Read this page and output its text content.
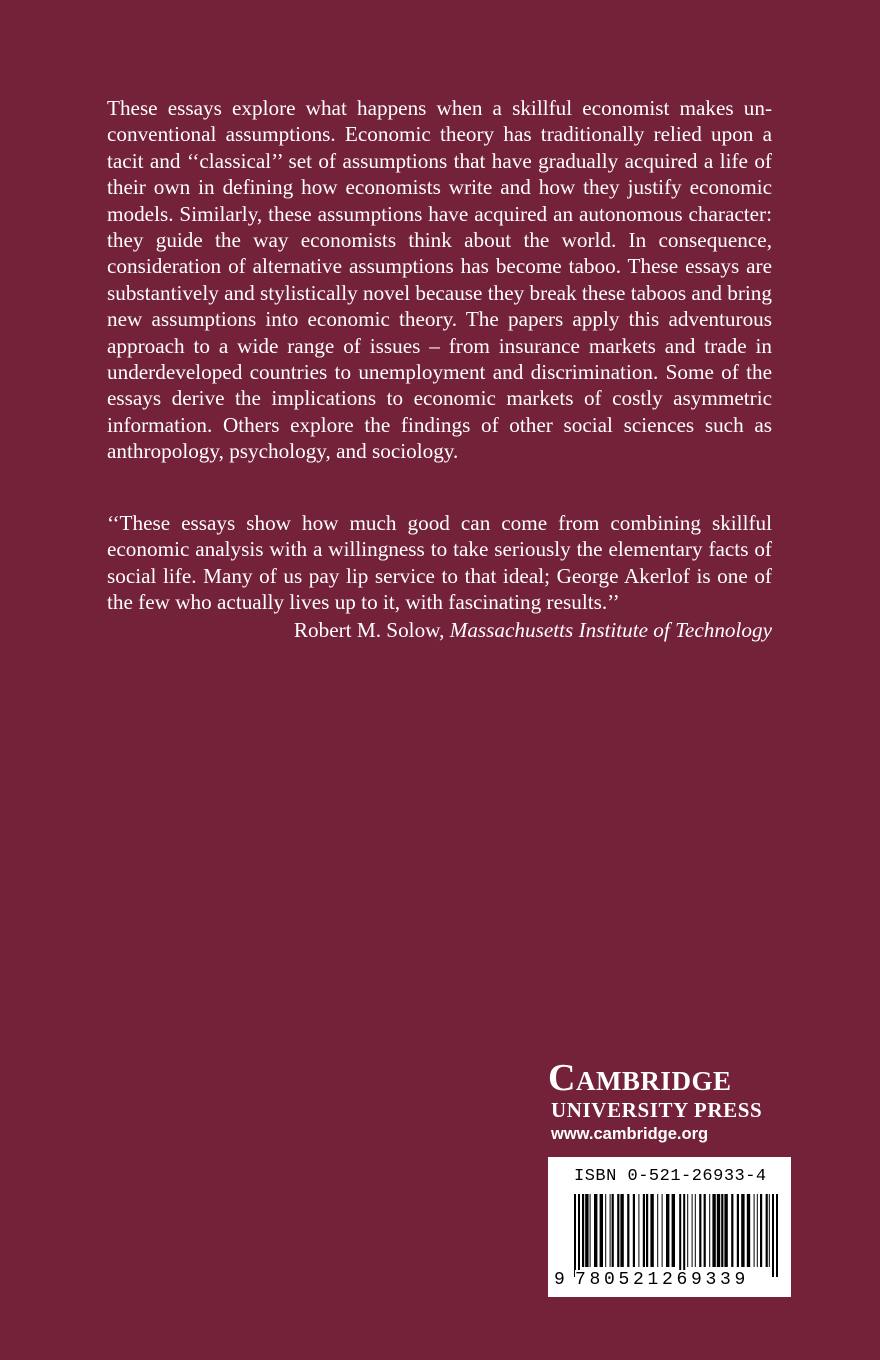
These essays explore what happens when a skillful economist makes unconventional assumptions. Economic theory has traditionally relied upon a tacit and ‘‘classical’’ set of assumptions that have gradually acquired a life of their own in defining how economists write and how they justify economic models. Similarly, these assumptions have acquired an autonomous character: they guide the way economists think about the world. In consequence, consideration of alternative assumptions has become taboo. These essays are substantively and stylistically novel because they break these taboos and bring new assumptions into economic theory. The papers apply this adventurous approach to a wide range of issues – from insurance markets and trade in underdeveloped countries to unemployment and discrimination. Some of the essays derive the implications to economic markets of costly asymmetric information. Others explore the findings of other social sciences such as anthropology, psychology, and sociology.

‘‘These essays show how much good can come from combining skillful economic analysis with a willingness to take seriously the elementary facts of social life. Many of us pay lip service to that ideal; George Akerlof is one of the few who actually lives up to it, with fascinating results.’’

Robert M. Solow, Massachusetts Institute of Technology

Cambridge
UNIVERSITY PRESS
www.cambridge.org
ISBN 0-521-26933-4
9 780521269339
